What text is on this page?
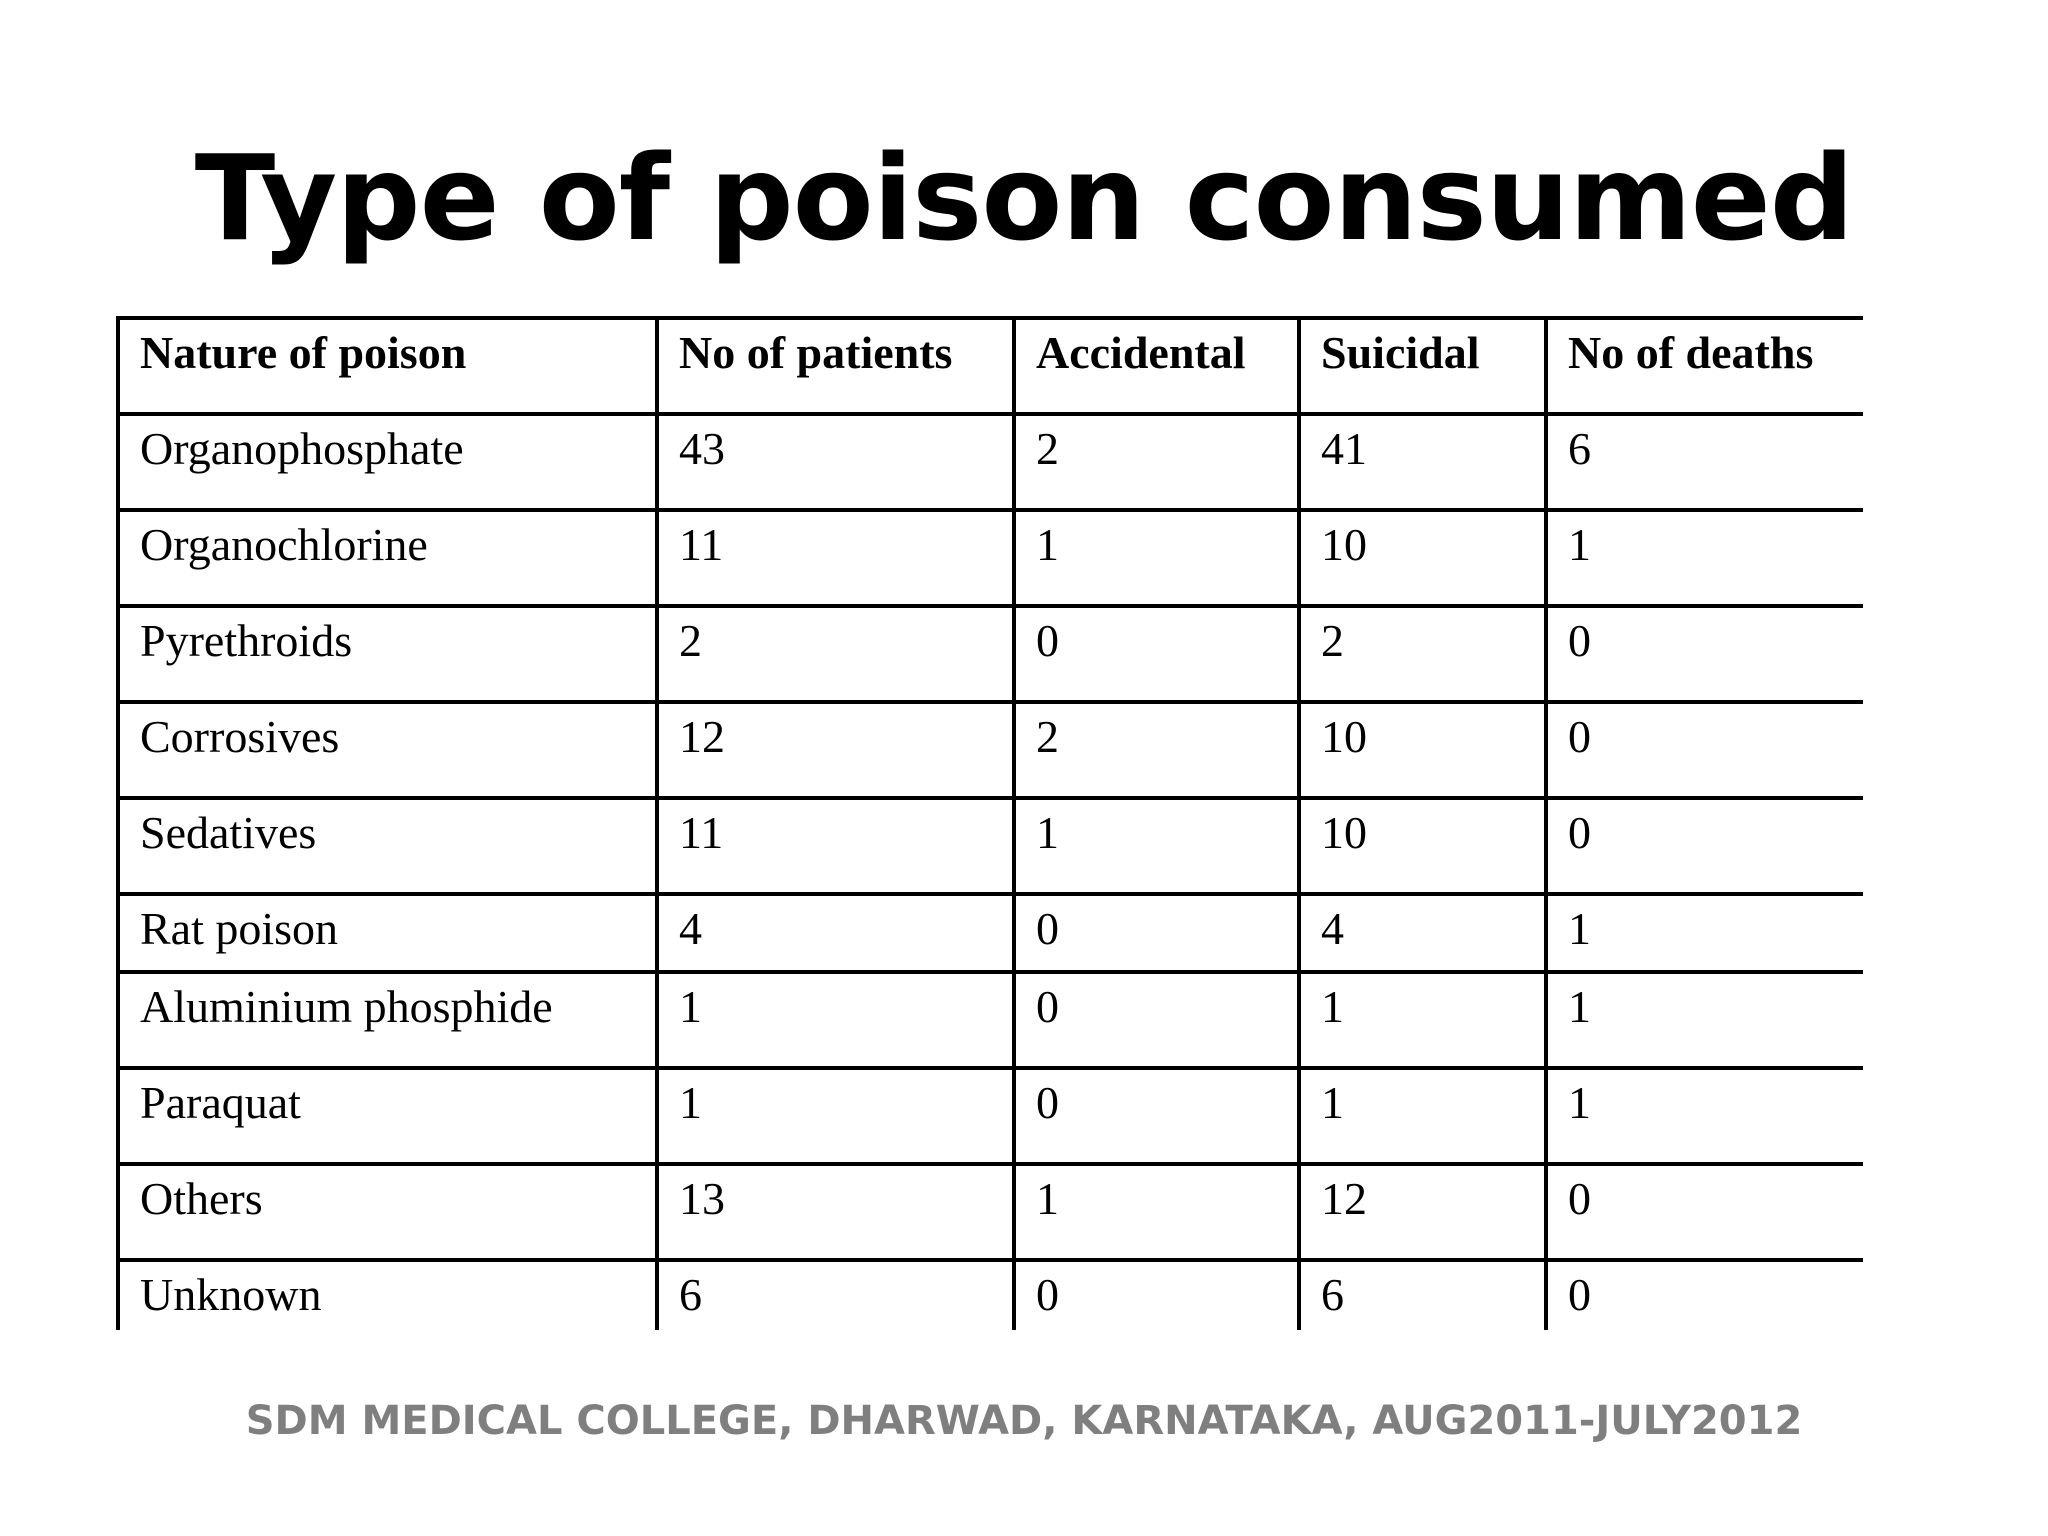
Type of poison consumed
Nature of poison	No of patients	Accidental	Suicidal	No of deaths
Organophosphate	43	2	41	6
Organochlorine	11	1	10	1
Pyrethroids	2	0	2	0
Corrosives	12	2	10	0
Sedatives	11	1	10	0
Rat poison	4	0	4	1
Aluminium phosphide	1	0	1	1
Paraquat	1	0	1	1
Others	13	1	12	0
Unknown	6	0	6	0
SDM MEDICAL COLLEGE, DHARWAD, KARNATAKA, AUG2011-JULY2012
